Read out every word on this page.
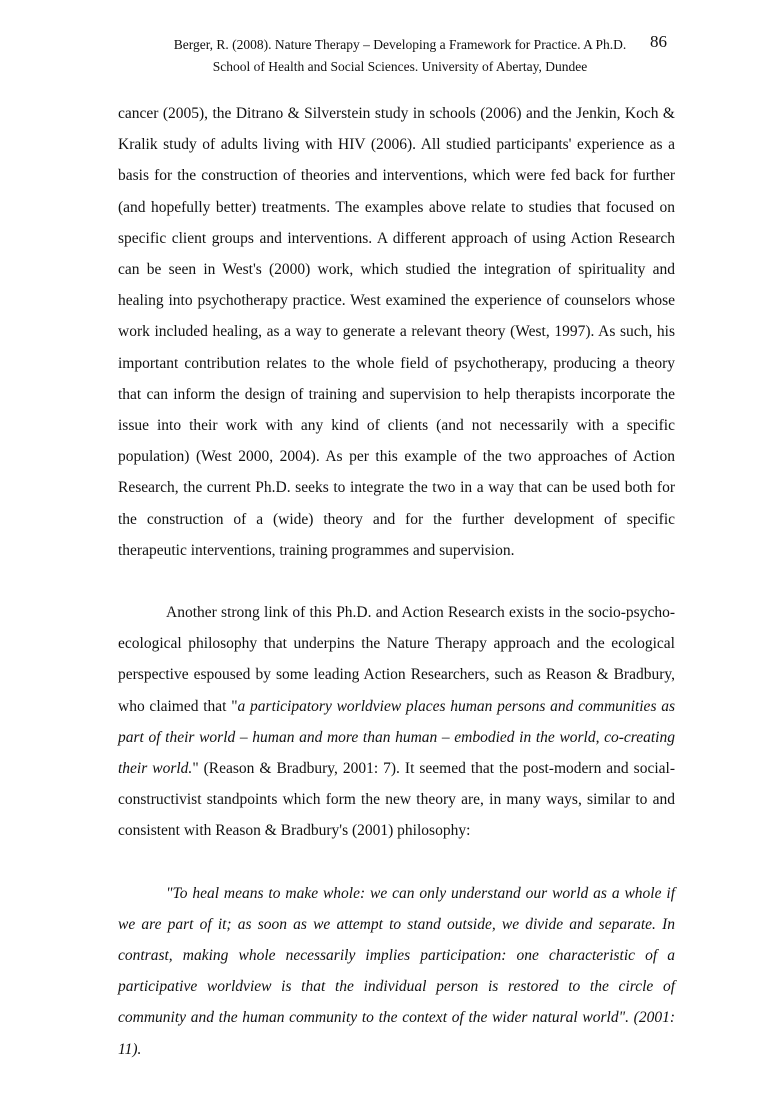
Berger, R. (2008). Nature Therapy – Developing a Framework for Practice. A Ph.D.
School of Health and Social Sciences. University of Abertay, Dundee
86

cancer (2005), the Ditrano & Silverstein study in schools (2006) and the Jenkin, Koch & Kralik study of adults living with HIV (2006). All studied participants' experience as a basis for the construction of theories and interventions, which were fed back for further (and hopefully better) treatments. The examples above relate to studies that focused on specific client groups and interventions. A different approach of using Action Research can be seen in West's (2000) work, which studied the integration of spirituality and healing into psychotherapy practice. West examined the experience of counselors whose work included healing, as a way to generate a relevant theory (West, 1997). As such, his important contribution relates to the whole field of psychotherapy, producing a theory that can inform the design of training and supervision to help therapists incorporate the issue into their work with any kind of clients (and not necessarily with a specific population) (West 2000, 2004). As per this example of the two approaches of Action Research, the current Ph.D. seeks to integrate the two in a way that can be used both for the construction of a (wide) theory and for the further development of specific therapeutic interventions, training programmes and supervision.

Another strong link of this Ph.D. and Action Research exists in the socio-psycho-ecological philosophy that underpins the Nature Therapy approach and the ecological perspective espoused by some leading Action Researchers, such as Reason & Bradbury, who claimed that "a participatory worldview places human persons and communities as part of their world – human and more than human – embodied in the world, co-creating their world." (Reason & Bradbury, 2001: 7). It seemed that the post-modern and social-constructivist standpoints which form the new theory are, in many ways, similar to and consistent with Reason & Bradbury's (2001) philosophy:

"To heal means to make whole: we can only understand our world as a whole if we are part of it; as soon as we attempt to stand outside, we divide and separate. In contrast, making whole necessarily implies participation: one characteristic of a participative worldview is that the individual person is restored to the circle of community and the human community to the context of the wider natural world". (2001: 11).
